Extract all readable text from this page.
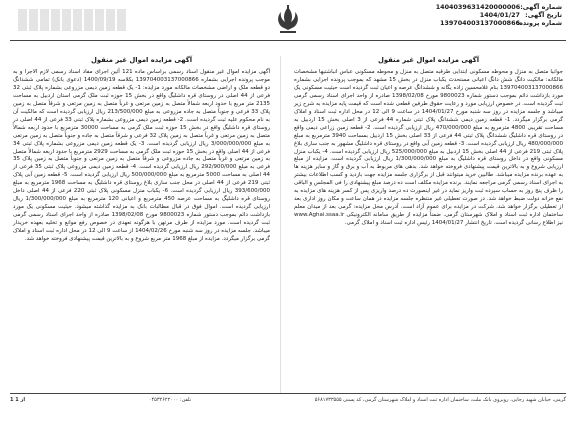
شماره آگهی:
1404039631420000006
تاریخ آگهی:
1404/01/27
شماره پرونده:
139704003137000866
آگهی مزایده اموال غیر منقول

جوانیا متصل به منزل و محوطه مسکونی ابتدایی طرقبه متصل به منزل و محوطه مسکونی عباس انباشتیها مشخصات مالکانه: مالکیت دانگ شش دانگ اعیانی مستحدث یکباب منزل در بخش 15 مشهد که بموجب پرونده اجرایی بشماره 139704003137000866 بنام غلامحسین زاده یگانه و ششدانگ عرصه و اعیان ثبت گردیده است حیثیت مسکونی یک مورد بازداشت دائم بموجب دستور شماره 9800023 مورخ 1398/02/08 صادره از واحد اجرای اسناد رسمی گرمی ثبت گردیده است. در خصوص ارزیابی مورد و رعایت حقوق طرفین قطعی شده است که قیمت پایه مزایده به شرح زیر میباشد و جلسه مزایده در روز سه شنبه مورخ 1404/01/27 در ساعت 9 الی 12 در محل اداره ثبت اسناد و املاک گرمی برگزار میگردد. 1- قطعه زمین دیمی ششدانگ پلاک ثبتی شماره 44 فرعی از 3 اصلی بخش 15 اردبیل به مساحت تقریبی 4800 مترمربع به مبلغ 470/000/000 ریال ارزیابی گردیده است. 2- قطعه زمین زراعی دیمی واقع در روستای قره داشلیگ ششدانگ پلاک ثبتی 44 فرعی از 33 اصلی بخش 15 اردبیل بمساحت 3940 مترمربع به مبلغ 480/000/000 ریال ارزیابی گردیده است. 3- قطعه زمین آبی واقع در روستای قره داشلیگ مشهور به جنب ساری بلاغ پلاک ثبتی 219 فرعی از 44 اصلی بخش 15 اردبیل به مبلغ 525/000/000 ریال ارزیابی گردیده است. 4- یکباب منزل مسکونی واقع در داخل روستای قره داشلیگ به مبلغ 1/300/000/000 ریال ارزیابی گردیده است. مزایده از مبلغ ارزیابی شروع و به بالاترین قیمت پیشنهادی فروخته خواهد شد. بدهی های مربوط به آب و برق و گاز و سایر هزینه ها به عهده برنده مزایده میباشد. طالبین خرید میتوانند قبل از برگزاری جلسه مزایده جهت بازدید و کسب اطلاعات بیشتر به اجرای اسناد رسمی گرمی مراجعه نمایند. برنده مزایده مکلف است ده درصد مبلغ پیشنهادی را فی المجلس و الباقی را ظرف پنج روز به حساب سپرده ثبت واریز نماید در غیر اینصورت ده درصد واریزی پس از کسر هزینه های مزایده به نفع خزانه دولت ضبط خواهد شد. در صورت تعطیلی غیر منتظره جلسه مزایده در همان ساعت و مکان روز اداری بعد از تعطیلی برگزار خواهد شد. شرکت در مزایده برای عموم آزاد است. آدرس محل مزایده: گرمی بعد از میدان معلم ساختمان اداره ثبت اسناد و املاک شهرستان گرمی. ضمناً مزایده از طریق سامانه الکترونیکی www.Aghai.ssaa.ir نیز اطلاع رسانی گردیده است. تاریخ انتشار 1404/01/27 رئیس اداره ثبت اسناد و املاک گرمی.

آگهی مزایده اموال غیر منقول

آگهی مزایده اموال غیر منقول اسناد رسمی براساس ماده 121 آئین اجرای مفاد اسناد رسمی لازم الاجرا و به موجب پرونده اجرایی بشماره 139704003137000866 بکلاسه 1400/09/19 (دعوی بانک) تمامی ششدانگ دو قطعه ملک و اراضی مشخصات مالکانه مورد مزایده: 1- یک قطعه زمین دیمی مزروعی بشماره پلاک ثبتی 32 فرعی از 44 اصلی در روستای قره داشلیگ واقع در بخش 15 حوزه ثبت ملک گرمی استان اردبیل به مساحت 2135 متر مربع با حدود اربعه شمالاً متصل به زمین مرتعی و غرباً متصل به زمین مرتعی و شرقاً متصل به زمین پلاک 33 فرعی و جنوباً متصل به جاده مزروعی به مبلغ 213/500/000 ریال ارزیابی گردیده است که مالکیت آن به نام محکوم علیه ثبت گردیده است. 2- قطعه زمین دیمی مزروعی بشماره پلاک ثبتی 33 فرعی از 44 اصلی در روستای قره داشلیگ واقع در بخش 15 حوزه ثبت ملک گرمی به مساحت 30000 مترمربع با حدود اربعه شمالاً متصل به زمین مرتعی و غرباً متصل به زمین پلاک 32 فرعی و شرقاً متصل به جاده و جنوباً متصل به زمین مرتعی به مبلغ 3/000/000/000 ریال ارزیابی گردیده است. 3- یک قطعه زمین دیمی مزروعی بشماره پلاک ثبتی 34 فرعی از 44 اصلی واقع در بخش 15 حوزه ثبت ملک گرمی به مساحت 2929 مترمربع با حدود اربعه شمالاً متصل به زمین مرتعی و غرباً متصل به جاده مزروعی و شرقاً متصل به زمین مرتعی و جنوباً متصل به زمین پلاک 35 فرعی به مبلغ 292/900/000 ریال ارزیابی گردیده است. 4- قطعه زمین دیمی مزروعی پلاک ثبتی 35 فرعی از 44 اصلی به مساحت 5000 مترمربع به مبلغ 500/000/000 ریال ارزیابی گردیده است. 5- قطعه زمین آبی پلاک ثبتی 219 فرعی از 44 اصلی در محل جنب ساری بلاغ روستای قره داشلیگ به مساحت 1968 مترمربع به مبلغ 393/600/000 ریال ارزیابی گردیده است. 6- یکباب منزل مسکونی پلاک ثبتی 220 فرعی از 44 اصلی داخل روستای قره داشلیگ به مساحت عرصه 450 مترمربع و اعیانی 120 مترمربع به مبلغ 1/300/000/000 ریال ارزیابی گردیده است. اموال فوق در قبال مطالبات بانک به مزایده گذاشته میشود. حیثیت مسکونی یک مورد بازداشت دائم بموجب دستور شماره 9800023 مورخ 1398/02/08 صادره از واحد اجرای اسناد رسمی گرمی ثبت گردیده است. مورد مزایده از طرف مرتهن با هرگونه تعهدی در خصوص رفع موانع و تخلیه بعهده خریدار میباشد. جلسه مزایده در روز سه شنبه مورخ 1404/02/26 از ساعت 9 الی 12 در محل اداره ثبت اسناد و املاک گرمی برگزار میگردد. مزایده از مبلغ 1968 متر مربع شروع و به بالاترین قیمت پیشنهادی فروخته خواهد شد.

گرمی، خیابان شهید رجایی، روبروی بانک ملت، ساختمان اداره ثبت اسناد و املاک شهرستان گرمی، کد پستی ۵۶۸۱۷۳۳۵۵۵
تلفن: ۰۴۵۳۲۶۲۲۰۰۰
1 از 1
